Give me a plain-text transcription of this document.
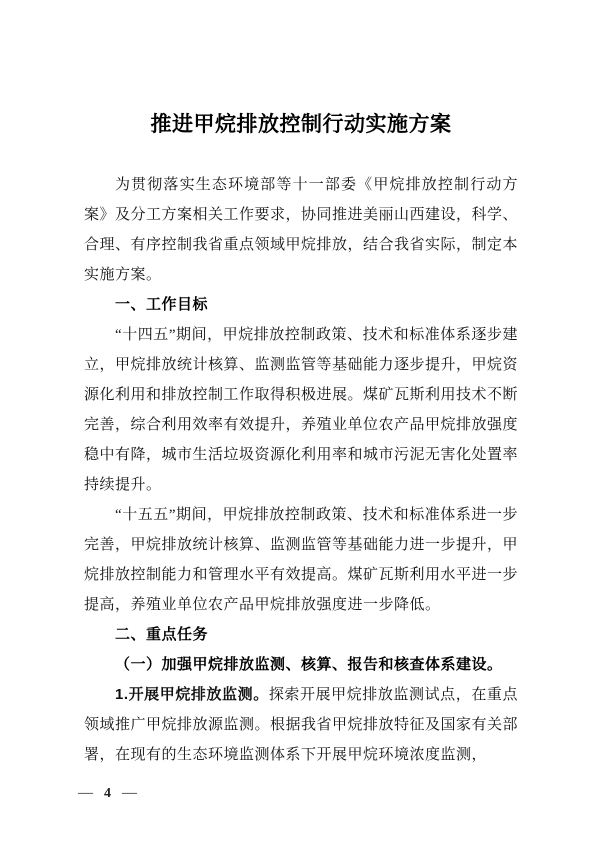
推进甲烷排放控制行动实施方案

为贯彻落实生态环境部等十一部委《甲烷排放控制行动方案》及分工方案相关工作要求，协同推进美丽山西建设，科学、合理、有序控制我省重点领域甲烷排放，结合我省实际，制定本实施方案。

一、工作目标

“十四五”期间，甲烷排放控制政策、技术和标准体系逐步建立，甲烷排放统计核算、监测监管等基础能力逐步提升，甲烷资源化利用和排放控制工作取得积极进展。煤矿瓦斯利用技术不断完善，综合利用效率有效提升，养殖业单位农产品甲烷排放强度稳中有降，城市生活垃圾资源化利用率和城市污泥无害化处置率持续提升。

“十五五”期间，甲烷排放控制政策、技术和标准体系进一步完善，甲烷排放统计核算、监测监管等基础能力进一步提升，甲烷排放控制能力和管理水平有效提高。煤矿瓦斯利用水平进一步提高，养殖业单位农产品甲烷排放强度进一步降低。

二、重点任务

（一）加强甲烷排放监测、核算、报告和核查体系建设。

1.开展甲烷排放监测。探索开展甲烷排放监测试点，在重点领域推广甲烷排放源监测。根据我省甲烷排放特征及国家有关部署，在现有的生态环境监测体系下开展甲烷环境浓度监测，

— 4 —
